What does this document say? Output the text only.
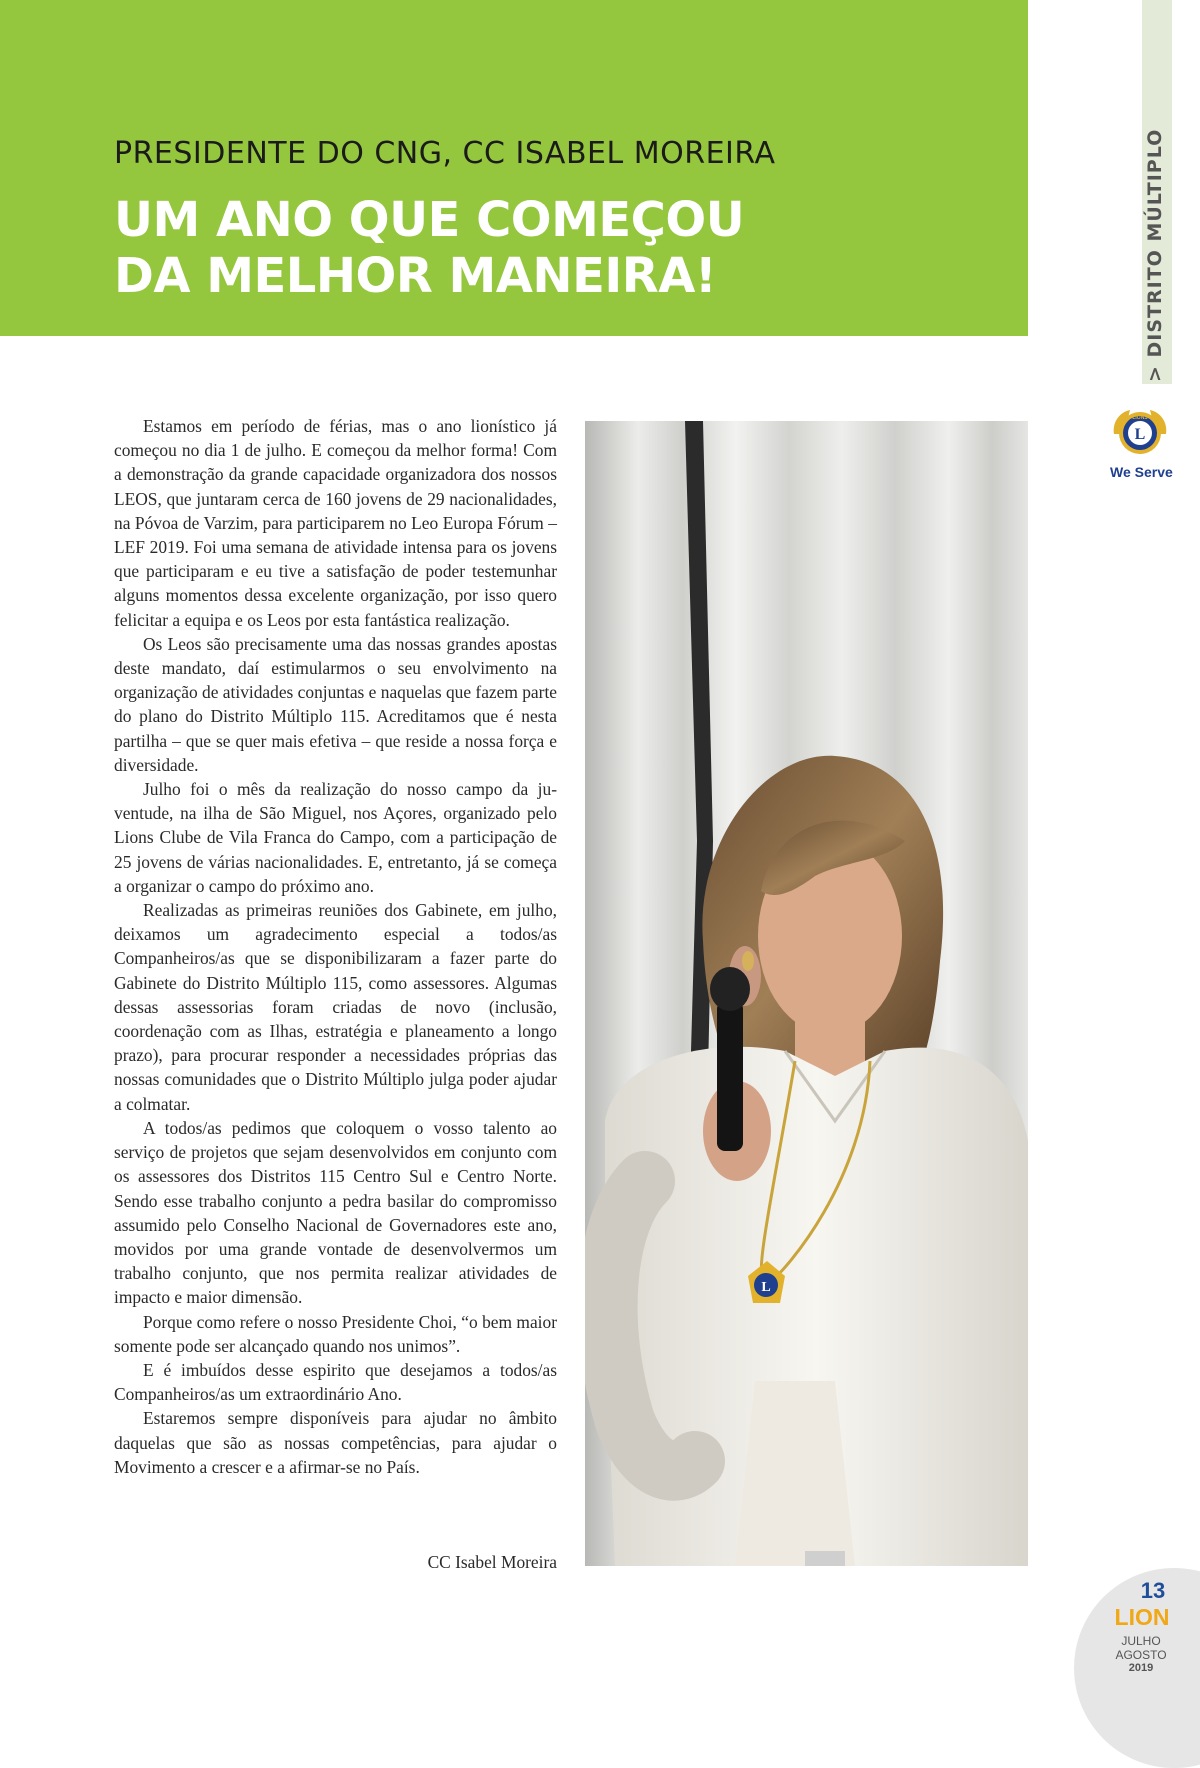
PRESIDENTE DO CNG, CC ISABEL MOREIRA
UM ANO QUE COMEÇOU
DA MELHOR MANEIRA!	> DISTRITO MÚLTIPLO
L
LIONS
We Serve

Estamos em período de férias, mas o ano lionístico já começou no dia 1 de julho. E começou da melhor forma! Com a demonstração da grande capacidade organizadora dos nossos LEOS, que juntaram cerca de 160 jovens de 29 nacionalidades, na Póvoa de Varzim, para participarem no Leo Europa Fórum – LEF 2019. Foi uma semana de atividade intensa para os jovens que participaram e eu tive a satisfação de poder testemunhar alguns momentos dessa excelente organização, por isso quero felicitar a equipa e os Leos por esta fantástica realização.

Os Leos são precisamente uma das nossas grandes apostas deste mandato, daí estimularmos o seu envolvimento na organização de atividades conjuntas e naquelas que fazem parte do plano do Distrito Múltiplo 115. Acreditamos que é nesta partilha – que se quer mais efetiva – que reside a nossa força e diversidade.

Julho foi o mês da realização do nosso campo da juventude, na ilha de São Miguel, nos Açores, organizado pelo Lions Clube de Vila Franca do Campo, com a participação de 25 jovens de várias nacionalidades. E, entretanto, já se começa a organizar o campo do próximo ano.

Realizadas as primeiras reuniões dos Gabinete, em julho, deixamos um agradecimento especial a todos/as Companheiros/as que se disponibilizaram a fazer parte do Gabinete do Distrito Múltiplo 115, como assessores. Algumas dessas assessorias foram criadas de novo (inclusão, coordenação com as Ilhas, estratégia e planeamento a longo prazo), para procurar responder a necessidades próprias das nossas comunidades que o Distrito Múltiplo julga poder ajudar a colmatar.

A todos/as pedimos que coloquem o vosso talento ao serviço de projetos que sejam desenvolvidos em conjunto com os assessores dos Distritos 115 Centro Sul e Centro Norte. Sendo esse trabalho conjunto a pedra basilar do compromisso assumido pelo Conselho Nacional de Governadores este ano, movidos por uma grande vontade de desenvolvermos um trabalho conjunto, que nos permita realizar atividades de impacto e maior dimensão.

Porque como refere o nosso Presidente Choi, “o bem maior somente pode ser alcançado quando nos unimos”.

E é imbuídos desse espirito que desejamos a todos/as Companheiros/as um extraordinário Ano.

Estaremos sempre disponíveis para ajudar no âmbito daquelas que são as nossas competências, para ajudar o Movimento a crescer e a afirmar-se no País.

CC Isabel Moreira
L
13
LION
JULHO
AGOSTO
2019
